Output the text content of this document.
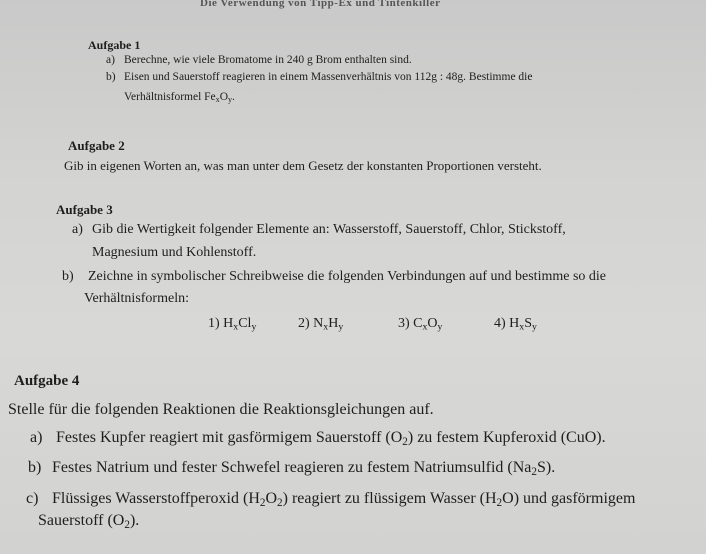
Die Verwendung von Tipp-Ex und Tintenkiller
Aufgabe 1
a) Berechne, wie viele Bromatome in 240 g Brom enthalten sind.
b) Eisen und Sauerstoff reagieren in einem Massenverhältnis von 112g : 48g. Bestimme die
Verhältnisformel $Fe_xO_y$.
Aufgabe 2
Gib in eigenen Worten an, was man unter dem Gesetz der konstanten Proportionen versteht.
Aufgabe 3
a) Gib die Wertigkeit folgender Elemente an: Wasserstoff, Sauerstoff, Chlor, Stickstoff,
Magnesium und Kohlenstoff.
b) Zeichne in symbolischer Schreibweise die folgenden Verbindungen auf und bestimme so die
Verhältnisformeln:
1) $H_xCl_y$	2) $N_xH_y$	3) $C_xO_y$	4) $H_xS_y$
Aufgabe 4
Stelle für die folgenden Reaktionen die Reaktionsgleichungen auf.
a) Festes Kupfer reagiert mit gasförmigem Sauerstoff $(O_2)$ zu festem Kupferoxid (CuO).
b) Festes Natrium und fester Schwefel reagieren zu festem Natriumsulfid $(Na_2S)$.
c) Flüssiges Wasserstoffperoxid $(H_2O_2)$ reagiert zu flüssigem Wasser $(H_2O)$ und gasförmigem
Sauerstoff $(O_2)$.
